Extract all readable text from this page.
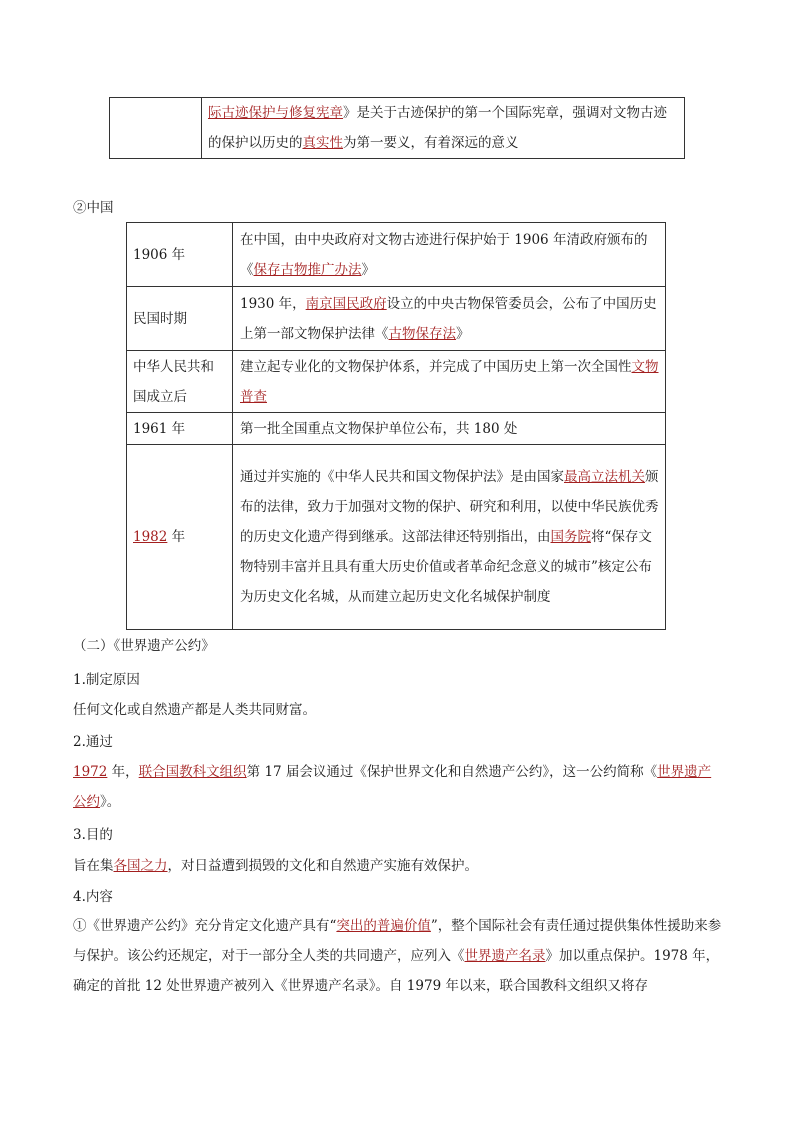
	际古迹保护与修复宪章》是关于古迹保护的第一个国际宪章，强调对文物古迹的保护以历史的真实性为第一要义，有着深远的意义
②中国
1906 年	在中国，由中央政府对文物古迹进行保护始于 1906 年清政府颁布的《保存古物推广办法》
民国时期	1930 年，南京国民政府设立的中央古物保管委员会，公布了中国历史上第一部文物保护法律《古物保存法》
中华人民共和国成立后	建立起专业化的文物保护体系，并完成了中国历史上第一次全国性文物普查
1961 年	第一批全国重点文物保护单位公布，共 180 处
1982 年	通过并实施的《中华人民共和国文物保护法》是由国家最高立法机关颁布的法律，致力于加强对文物的保护、研究和利用，以使中华民族优秀的历史文化遗产得到继承。这部法律还特别指出，由国务院将“保存文物特别丰富并且具有重大历史价值或者革命纪念意义的城市”核定公布为历史文化名城，从而建立起历史文化名城保护制度
（二）《世界遗产公约》
1.制定原因
任何文化或自然遗产都是人类共同财富。
2.通过
1972 年，联合国教科文组织第 17 届会议通过《保护世界文化和自然遗产公约》，这一公约简称《世界遗产公约》。
3.目的
旨在集各国之力，对日益遭到损毁的文化和自然遗产实施有效保护。
4.内容
①《世界遗产公约》充分肯定文化遗产具有“突出的普遍价值”，整个国际社会有责任通过提供集体性援助来参与保护。该公约还规定，对于一部分全人类的共同遗产，应列入《世界遗产名录》加以重点保护。1978 年，确定的首批 12 处世界遗产被列入《世界遗产名录》。自 1979 年以来，联合国教科文组织又将存
